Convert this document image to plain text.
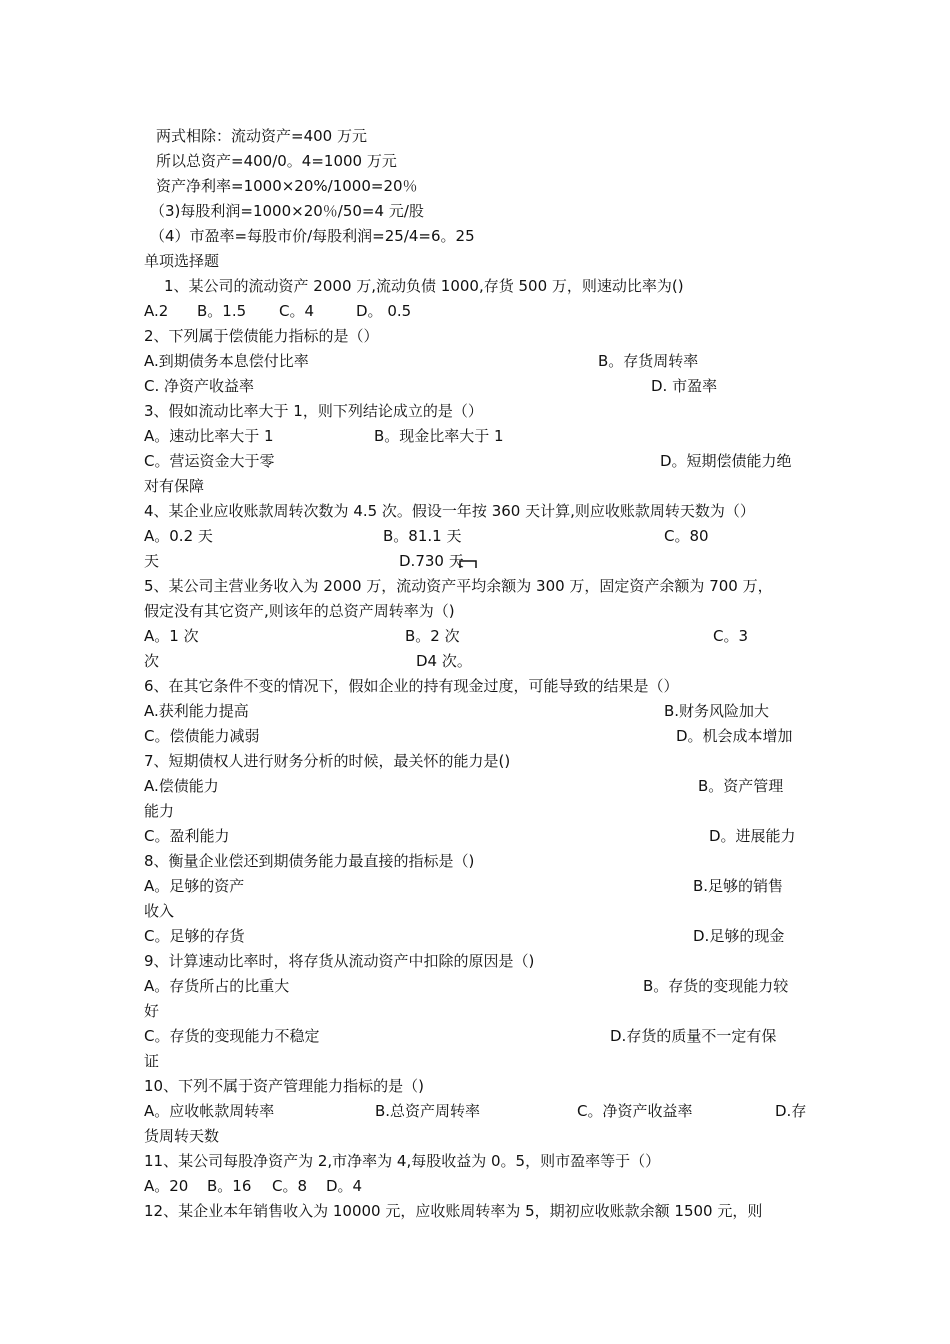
两式相除：流动资产=400 万元
所以总资产=400/0。4=1000 万元
资产净利率=1000×20%/1000=20％
（3)每股利润=1000×20％/50=4 元/股
（4）市盈率=每股市价/每股利润=25/4=6。25
单项选择题
1、某公司的流动资产 2000 万,流动负债 1000,存货 500 万，则速动比率为()
A.2 B。1.5 C。4	D。 0.5
2、下列属于偿债能力指标的是（）
A.到期债务本息偿付比率	B。存货周转率
C. 净资产收益率	D. 市盈率
3、假如流动比率大于 1，则下列结论成立的是（）
A。速动比率大于 1	B。现金比率大于 1
C。营运资金大于零	D。短期偿债能力绝
对有保障
4、某企业应收账款周转次数为 4.5 次。假设一年按 360 天计算,则应收账款周转天数为（）
A。0.2 天	B。81.1 天	C。80
天	D.730 天
5、某公司主营业务收入为 2000 万，流动资产平均余额为 300 万，固定资产余额为 700 万，
假定没有其它资产,则该年的总资产周转率为（)
A。1 次	B。2 次	C。3
次	D4 次。
6、在其它条件不变的情况下，假如企业的持有现金过度，可能导致的结果是（）
A.获利能力提高	B.财务风险加大
C。偿债能力减弱	D。机会成本增加
7、短期债权人进行财务分析的时候，最关怀的能力是()
A.偿债能力	B。资产管理
能力
C。盈利能力	D。进展能力
8、衡量企业偿还到期债务能力最直接的指标是（)
A。足够的资产	B.足够的销售
收入
C。足够的存货	D.足够的现金
9、计算速动比率时，将存货从流动资产中扣除的原因是（)
A。存货所占的比重大	B。存货的变现能力较
好
C。存货的变现能力不稳定	D.存货的质量不一定有保
证
10、下列不属于资产管理能力指标的是（)
A。应收帐款周转率	B.总资产周转率	C。净资产收益率	D.存
货周转天数
11、某公司每股净资产为 2,市净率为 4,每股收益为 0。5，则市盈率等于（）
A。20 B。16 C。8 D。4
12、某企业本年销售收入为 10000 元，应收账周转率为 5，期初应收账款余额 1500 元，则
